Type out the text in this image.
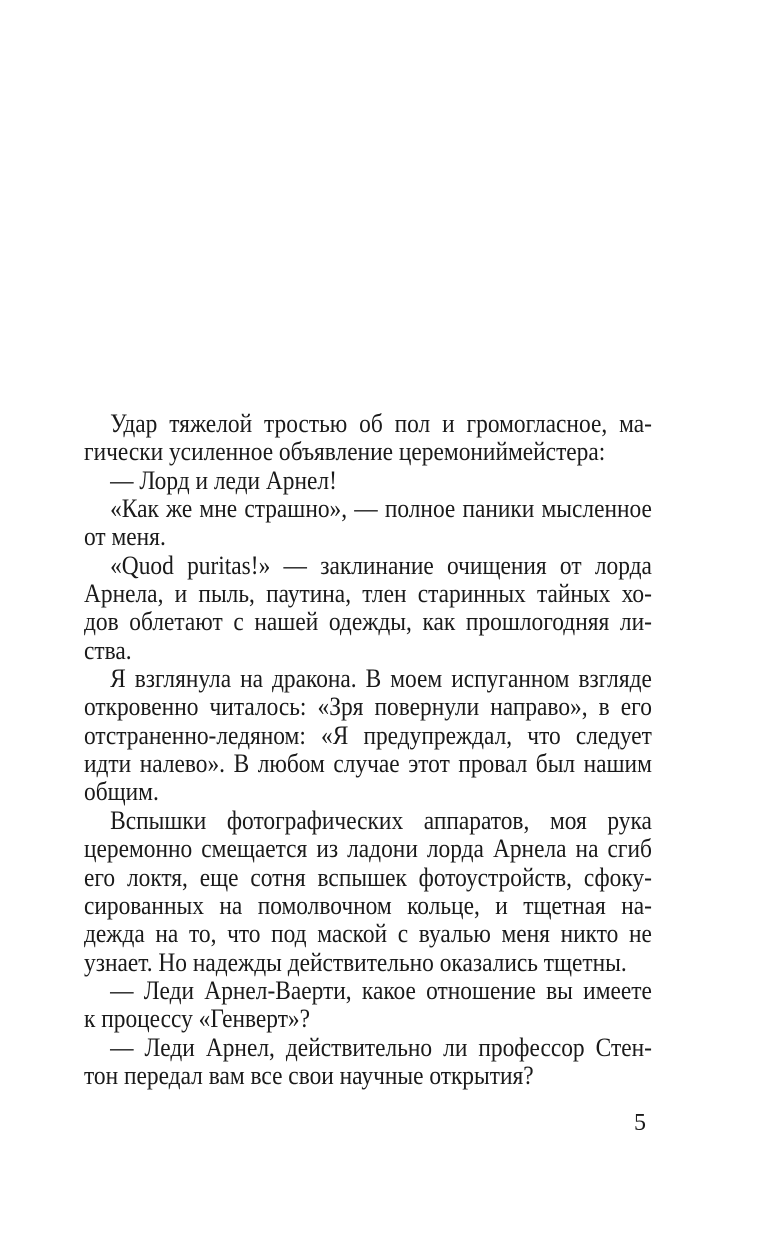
Удар тяжелой тростью об пол и громогласное, ма-
гически усиленное объявление церемониймейстера:

— Лорд и леди Арнел!

«Как же мне страшно», — полное паники мысленное
от меня.

«Quod puritas!» — заклинание очищения от лорда
Арнела, и пыль, паутина, тлен старинных тайных хо-
дов облетают с нашей одежды, как прошлогодняя ли-
ства.

Я взглянула на дракона. В моем испуганном взгляде
откровенно читалось: «Зря повернули направо», в его
отстраненно-ледяном: «Я предупреждал, что следует
идти налево». В любом случае этот провал был нашим
общим.

Вспышки фотографических аппаратов, моя рука
церемонно смещается из ладони лорда Арнела на сгиб
его локтя, еще сотня вспышек фотоустройств, сфоку-
сированных на помолвочном кольце, и тщетная на-
дежда на то, что под маской с вуалью меня никто не
узнает. Но надежды действительно оказались тщетны.

— Леди Арнел-Ваерти, какое отношение вы имеете
к процессу «Генверт»?

— Леди Арнел, действительно ли профессор Стен-
тон передал вам все свои научные открытия?

5
